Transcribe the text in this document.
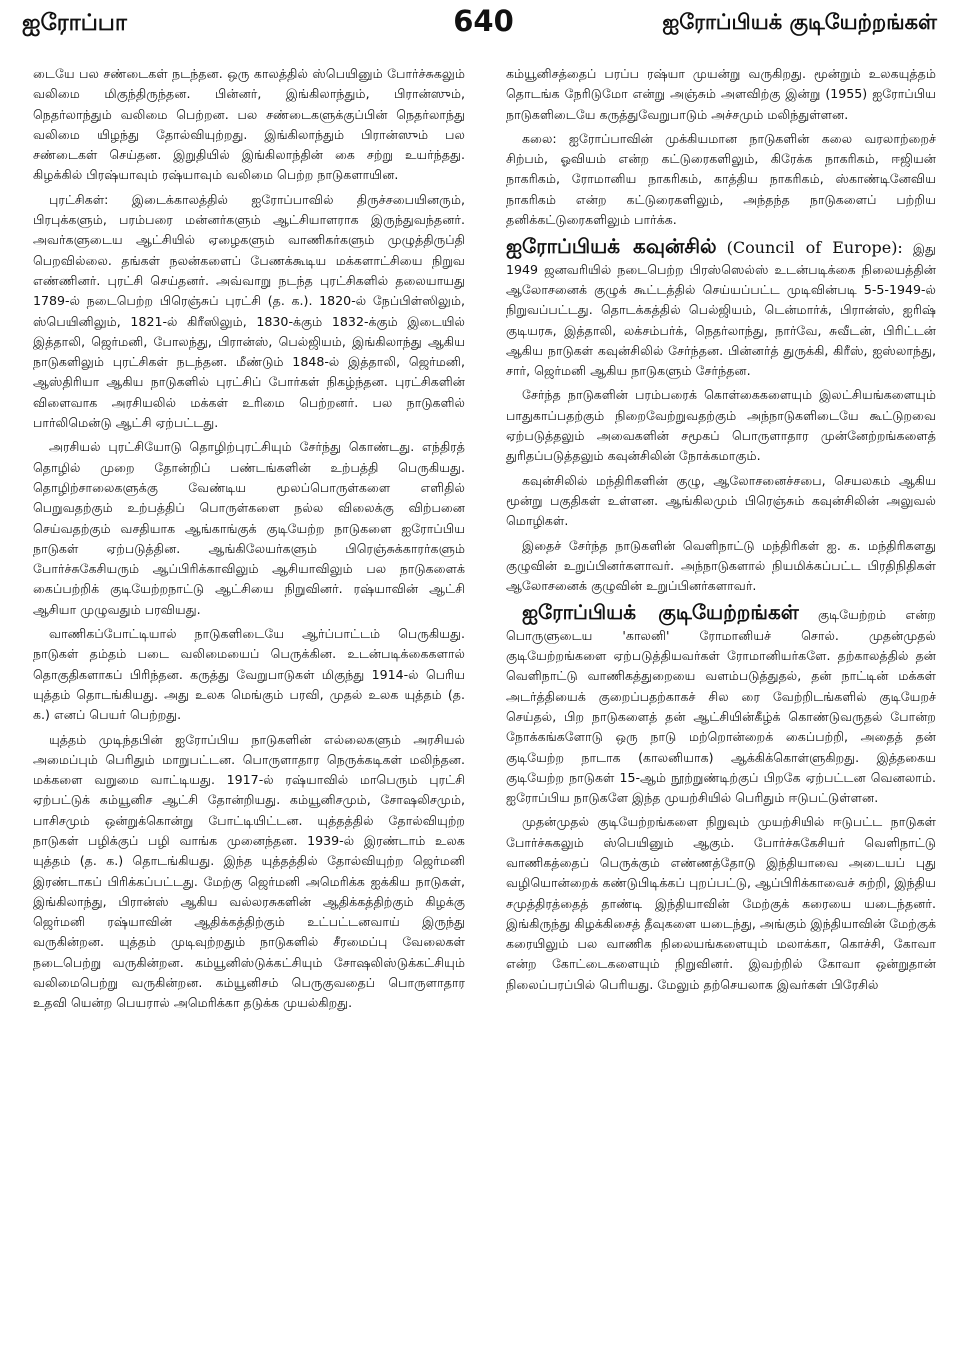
ஐரோப்பா	640	ஐரோப்பியக் குடியேற்றங்கள்

டையே பல சண்டைகள் நடந்தன. ஒரு காலத்தில் ஸ்பெயினும் போர்ச்சுகலும் வலிமை மிகுந்திருந்தன. பின்னர், இங்கிலாந்தும், பிரான்ஸும், நெதர்லாந்தும் வலிமை பெற்றன. பல சண்டைகளுக்குப்பின் நெதர்லாந்து வலிமை யிழந்து தோல்வியுற்றது. இங்கிலாந்தும் பிரான்ஸும் பல சண்டைகள் செய்தன. இறுதியில் இங்கிலாந்தின் கை சற்று உயர்ந்தது. கிழக்கில் பிரஷ்யாவும் ரஷ்யாவும் வலிமை பெற்ற நாடுகளாயின.

புரட்சிகள்: இடைக்காலத்தில் ஐரோப்பாவில் திருச்சபையினரும், பிரபுக்களும், பரம்பரை மன்னர்களும் ஆட்சியாளராக இருந்துவந்தனர். அவர்களுடைய ஆட்சியில் ஏழைகளும் வாணிகர்களும் முழுத்திருப்தி பெறவில்லை. தங்கள் நலன்களைப் பேணக்கூடிய மக்களாட்சியை நிறுவ எண்ணினர். புரட்சி செய்தனர். அவ்வாறு நடந்த புரட்சிகளில் தலையாயது 1789-ல் நடைபெற்ற பிரெஞ்சுப் புரட்சி (த. க.). 1820-ல் நேப்பிள்ஸிலும், ஸ்பெயினிலும், 1821-ல் கிரீஸிலும், 1830-க்கும் 1832-க்கும் இடையில் இத்தாலி, ஜெர்மனி, போலந்து, பிரான்ஸ், பெல்ஜியம், இங்கிலாந்து ஆகிய நாடுகளிலும் புரட்சிகள் நடந்தன. மீண்டும் 1848-ல் இத்தாலி, ஜெர்மனி, ஆஸ்திரியா ஆகிய நாடுகளில் புரட்சிப் போர்கள் நிகழ்ந்தன. புரட்சிகளின் விளைவாக அரசியலில் மக்கள் உரிமை பெற்றனர். பல நாடுகளில் பார்லிமென்டு ஆட்சி ஏற்பட்டது.

அரசியல் புரட்சியோடு தொழிற்புரட்சியும் சேர்ந்து கொண்டது. எந்திரத் தொழில் முறை தோன்றிப் பண்டங்களின் உற்பத்தி பெருகியது. தொழிற்சாலைகளுக்கு வேண்டிய மூலப்பொருள்களை எளிதில் பெறுவதற்கும் உற்பத்திப் பொருள்களை நல்ல விலைக்கு விற்பனை செய்வதற்கும் வசதியாக ஆங்காங்குக் குடியேற்ற நாடுகளை ஐரோப்பிய நாடுகள் ஏற்படுத்தின. ஆங்கிலேயர்களும் பிரெஞ்சுக்காரர்களும் போர்ச்சுகேசியரும் ஆப்பிரிக்காவிலும் ஆசியாவிலும் பல நாடுகளைக் கைப்பற்றிக் குடியேற்றநாட்டு ஆட்சியை நிறுவினர். ரஷ்யாவின் ஆட்சி ஆசியா முழுவதும் பரவியது.

வாணிகப்போட்டியால் நாடுகளிடையே ஆர்ப்பாட்டம் பெருகியது. நாடுகள் தம்தம் படை வலிமையைப் பெருக்கின. உடன்படிக்கைகளால் தொகுதிகளாகப் பிரிந்தன. கருத்து வேறுபாடுகள் மிகுந்து 1914-ல் பெரிய யுத்தம் தொடங்கியது. அது உலக மெங்கும் பரவி, முதல் உலக யுத்தம் (த. க.) எனப் பெயர் பெற்றது.

யுத்தம் முடிந்தபின் ஐரோப்பிய நாடுகளின் எல்லைகளும் அரசியல் அமைப்பும் பெரிதும் மாறுபட்டன. பொருளாதார நெருக்கடிகள் மலிந்தன. மக்களை வறுமை வாட்டியது. 1917-ல் ரஷ்யாவில் மாபெரும் புரட்சி ஏற்பட்டுக் கம்யூனிச ஆட்சி தோன்றியது. கம்யூனிசமும், சோஷலிசமும், பாசிசமும் ஒன்றுக்கொன்று போட்டியிட்டன. யுத்தத்தில் தோல்வியுற்ற நாடுகள் பழிக்குப் பழி வாங்க முனைந்தன. 1939-ல் இரண்டாம் உலக யுத்தம் (த. க.) தொடங்கியது. இந்த யுத்தத்தில் தோல்வியுற்ற ஜெர்மனி இரண்டாகப் பிரிக்கப்பட்டது. மேற்கு ஜெர்மனி அமெரிக்க ஐக்கிய நாடுகள், இங்கிலாந்து, பிரான்ஸ் ஆகிய வல்லரசுகளின் ஆதிக்கத்திற்கும் கிழக்கு ஜெர்மனி ரஷ்யாவின் ஆதிக்கத்திற்கும் உட்பட்டனவாய் இருந்து வருகின்றன. யுத்தம் முடிவுற்றதும் நாடுகளில் சீரமைப்பு வேலைகள் நடைபெற்று வருகின்றன. கம்யூனிஸ்டுக்கட்சியும் சோஷலிஸ்டுக்கட்சியும் வலிமைபெற்று வருகின்றன. கம்யூனிசம் பெருகுவதைப் பொருளாதார உதவி யென்ற பெயரால் அமெரிக்கா தடுக்க முயல்கிறது.

கம்யூனிசத்தைப் பரப்ப ரஷ்யா முயன்று வருகிறது. மூன்றும் உலகயுத்தம் தொடங்க நேரிடுமோ என்று அஞ்சும் அளவிற்கு இன்று (1955) ஐரோப்பிய நாடுகளிடையே கருத்துவேறுபாடும் அச்சமும் மலிந்துள்ளன.

கலை: ஐரோப்பாவின் முக்கியமான நாடுகளின் கலை வரலாற்றைச் சிற்பம், ஓவியம் என்ற கட்டுரைகளிலும், கிரேக்க நாகரிகம், ஈஜியன் நாகரிகம், ரோமானிய நாகரிகம், காத்திய நாகரிகம், ஸ்காண்டினேவிய நாகரிகம் என்ற கட்டுரைகளிலும், அந்தந்த நாடுகளைப் பற்றிய தனிக்கட்டுரைகளிலும் பார்க்க.

ஐரோப்பியக் கவுன்சில் (Council of Europe): இது 1949 ஜனவரியில் நடைபெற்ற பிரஸ்ஸெல்ஸ் உடன்படிக்கை நிலையத்தின் ஆலோசனைக் குழுக் கூட்டத்தில் செய்யப்பட்ட முடிவின்படி 5-5-1949-ல் நிறுவப்பட்டது. தொடக்கத்தில் பெல்ஜியம், டென்மார்க், பிரான்ஸ், ஐரிஷ் குடியரசு, இத்தாலி, லக்சம்பர்க், நெதர்லாந்து, நார்வே, சுவீடன், பிரிட்டன் ஆகிய நாடுகள் கவுன்சிலில் சேர்ந்தன. பின்னர்த் துருக்கி, கிரீஸ், ஐஸ்லாந்து, சார், ஜெர்மனி ஆகிய நாடுகளும் சேர்ந்தன.

சேர்ந்த நாடுகளின் பரம்பரைக் கொள்கைகளையும் இலட்சியங்களையும் பாதுகாப்பதற்கும் நிறைவேற்றுவதற்கும் அந்நாடுகளிடையே கூட்டுறவை ஏற்படுத்தலும் அவைகளின் சமூகப் பொருளாதார முன்னேற்றங்களைத் துரிதப்படுத்தலும் கவுன்சிலின் நோக்கமாகும்.

கவுன்சிலில் மந்திரிகளின் குழு, ஆலோசனைச்சபை, செயலகம் ஆகிய மூன்று பகுதிகள் உள்ளன. ஆங்கிலமும் பிரெஞ்சும் கவுன்சிலின் அலுவல் மொழிகள்.

இதைச் சேர்ந்த நாடுகளின் வெளிநாட்டு மந்திரிகள் ஐ. க. மந்திரிகளது குழுவின் உறுப்பினர்களாவர். அந்நாடுகளால் நியமிக்கப்பட்ட பிரதிநிதிகள் ஆலோசனைக் குழுவின் உறுப்பினர்களாவர்.

ஐரோப்பியக் குடியேற்றங்கள் குடியேற்றம் என்ற பொருளுடைய 'காலனி' ரோமானியச் சொல். முதன்முதல் குடியேற்றங்களை ஏற்படுத்தியவர்கள் ரோமானியர்களே. தற்காலத்தில் தன் வெளிநாட்டு வாணிகத்துறையை வளம்படுத்துதல், தன் நாட்டின் மக்கள் அடர்த்தியைக் குறைப்பதற்காகச் சில ரை வேற்றிடங்களில் குடியேறச் செய்தல், பிற நாடுகளைத் தன் ஆட்சியின்கீழ்க் கொண்டுவருதல் போன்ற நோக்கங்களோடு ஒரு நாடு மற்றொன்றைக் கைப்பற்றி, அதைத் தன் குடியேற்ற நாடாக (காலனியாக) ஆக்கிக்கொள்ளுகிறது. இத்தகைய குடியேற்ற நாடுகள் 15-ஆம் நூற்றுண்டிற்குப் பிறகே ஏற்பட்டன வெனலாம். ஐரோப்பிய நாடுகளே இந்த முயற்சியில் பெரிதும் ஈடுபட்டுள்ளன.

முதன்முதல் குடியேற்றங்களை நிறுவும் முயற்சியில் ஈடுபட்ட நாடுகள் போர்ச்சுகலும் ஸ்பெயினும் ஆகும். போர்ச்சுகேசியர் வெளிநாட்டு வாணிகத்தைப் பெருக்கும் எண்ணத்தோடு இந்தியாவை அடையப் புது வழியொன்றைக் கண்டுபிடிக்கப் புறப்பட்டு, ஆப்பிரிக்காவைச் சுற்றி, இந்திய சமுத்திரத்தைத் தாண்டி இந்தியாவின் மேற்குக் கரையை யடைந்தனர். இங்கிருந்து கிழக்கிசைத் தீவுகளை யடைந்து, அங்கும் இந்தியாவின் மேற்குக் கரையிலும் பல வாணிக நிலையங்களையும் மலாக்கா, கொச்சி, கோவா என்ற கோட்டைகளையும் நிறுவினர். இவற்றில் கோவா ஒன்றுதான் நிலைப்பரப்பில் பெரியது. மேலும் தற்செயலாக இவர்கள் பிரேசில்
